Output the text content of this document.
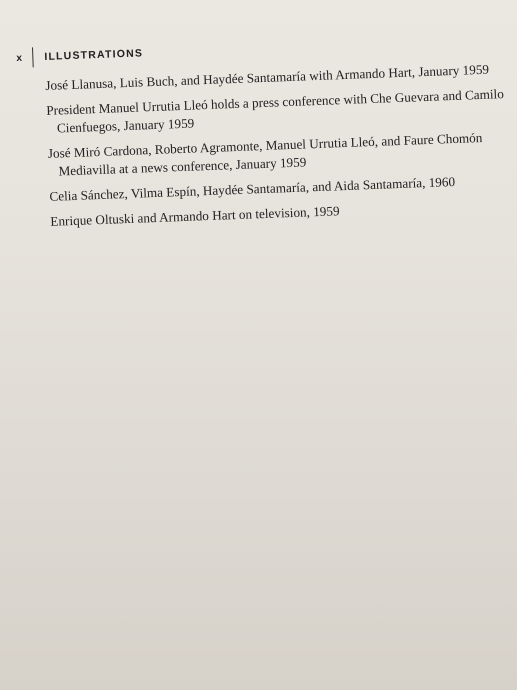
x	ILLUSTRATIONS
José Llanusa, Luis Buch, and Haydée Santamaría with Armando Hart, January 1959
President Manuel Urrutia Lleó holds a press conference with Che Guevara and Camilo Cienfuegos, January 1959
José Miró Cardona, Roberto Agramonte, Manuel Urrutia Lleó, and Faure Chomón Mediavilla at a news conference, January 1959
Celia Sánchez, Vilma Espín, Haydée Santamaría, and Aida Santamaría, 1960
Enrique Oltuski and Armando Hart on television, 1959
